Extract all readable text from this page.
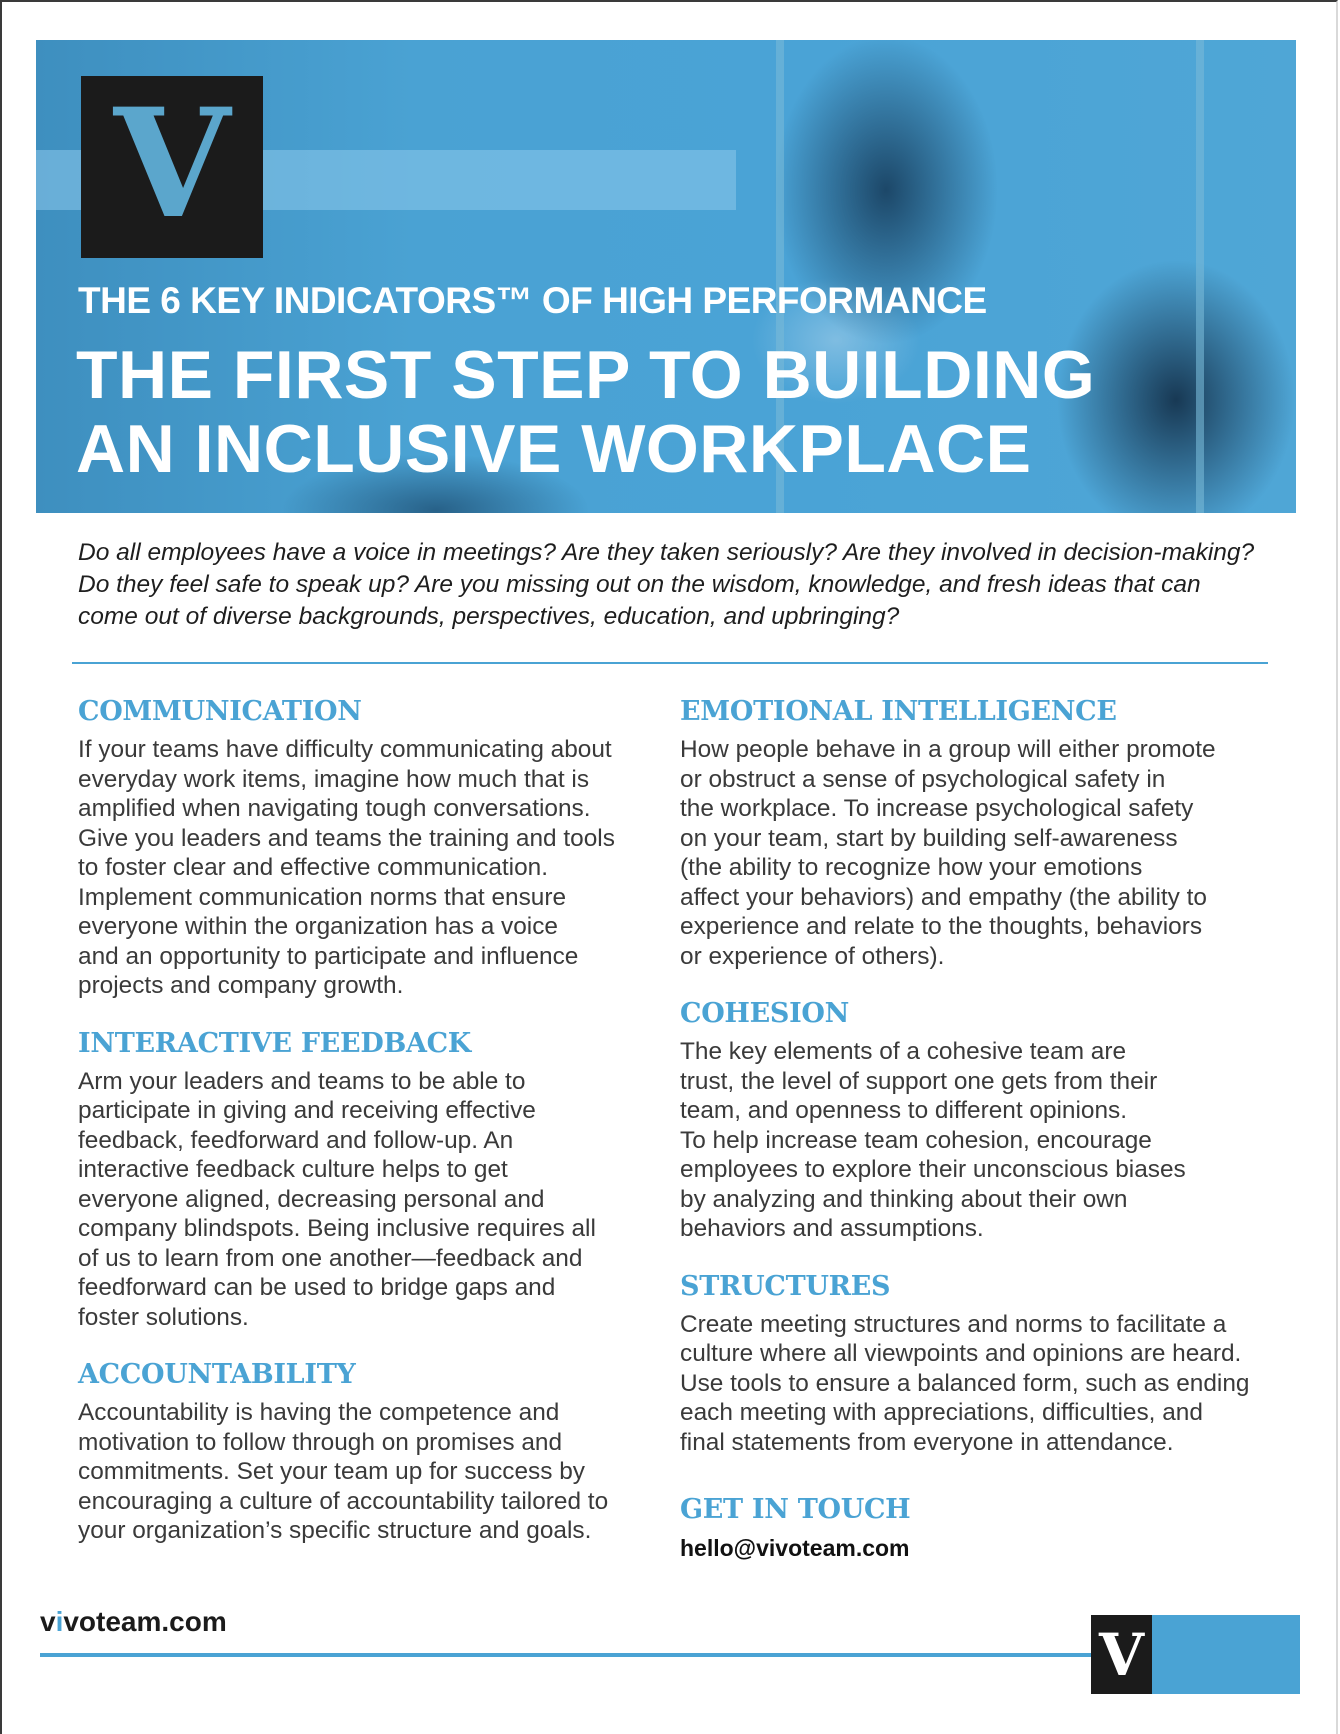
V
THE 6 KEY INDICATORS™ OF HIGH PERFORMANCE
THE FIRST STEP TO BUILDING
AN INCLUSIVE WORKPLACE
Do all employees have a voice in meetings? Are they taken seriously? Are they involved in decision-making? Do they feel safe to speak up? Are you missing out on the wisdom, knowledge, and fresh ideas that can come out of diverse backgrounds, perspectives, education, and upbringing?
COMMUNICATION

If your teams have difficulty communicating about
everyday work items, imagine how much that is
amplified when navigating tough conversations.
Give you leaders and teams the training and tools
to foster clear and effective communication.
Implement communication norms that ensure
everyone within the organization has a voice
and an opportunity to participate and influence
projects and company growth.

INTERACTIVE FEEDBACK

Arm your leaders and teams to be able to
participate in giving and receiving effective
feedback, feedforward and follow-up. An
interactive feedback culture helps to get
everyone aligned, decreasing personal and
company blindspots. Being inclusive requires all
of us to learn from one another—feedback and
feedforward can be used to bridge gaps and
foster solutions.

ACCOUNTABILITY

Accountability is having the competence and
motivation to follow through on promises and
commitments. Set your team up for success by
encouraging a culture of accountability tailored to
your organization’s specific structure and goals.

EMOTIONAL INTELLIGENCE

How people behave in a group will either promote
or obstruct a sense of psychological safety in
the workplace. To increase psychological safety
on your team, start by building self-awareness
(the ability to recognize how your emotions
affect your behaviors) and empathy (the ability to
experience and relate to the thoughts, behaviors
or experience of others).

COHESION

The key elements of a cohesive team are
trust, the level of support one gets from their
team, and openness to different opinions.
To help increase team cohesion, encourage
employees to explore their unconscious biases
by analyzing and thinking about their own
behaviors and assumptions.

STRUCTURES

Create meeting structures and norms to facilitate a
culture where all viewpoints and opinions are heard.
Use tools to ensure a balanced form, such as ending
each meeting with appreciations, difficulties, and
final statements from everyone in attendance.

GET IN TOUCH
hello@vivoteam.com
vivoteam.com	V
